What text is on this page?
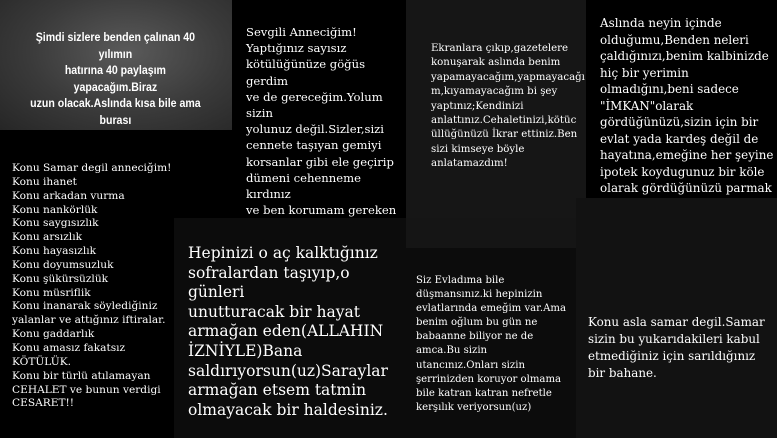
Şimdi sizlere benden çalınan 40 yılımın
hatırına 40 paylaşım yapacağım.Biraz
uzun olacak.Aslında kısa bile ama burası

Sevgili Anneciğim!
Yaptığınız sayısız
kötülüğünüze göğüs gerdim
ve de gereceğim.Yolum sizin
yolunuz değil.Sizler,sizi
cennete taşıyan gemiyi
korsanlar gibi ele geçirip
dümeni cehenneme kırdınız
ve ben korumam gereken

Ekranlara çıkıp,gazetelere
konuşarak aslında benim
yapamayacağım,yapmayacağı
m,kıyamayacağım bi şey
yaptınız;Kendinizi
anlattınız.Cehaletinizi,kötüc
üllüğünüzü İkrar ettiniz.Ben
sizi kimseye böyle
anlatamazdım!

Aslında neyin içinde
olduğumu,Benden neleri
çaldığınızı,benim kalbinizde
hiç bir yerimin
olmadığını,beni sadece
"İMKAN"olarak
gördüğünüzü,sizin için bir
evlat yada kardeş değil de
hayatına,emeğine her şeyine
ipotek koydugunuz bir köle
olarak gördüğünüzü parmak

Konu Samar degil anneciğim!
Konu ihanet
Konu arkadan vurma
Konu nankörlük
Konu saygısızlık
Konu arsızlık
Konu hayasızlık
Konu doyumsuzluk
Konu şükürsüzlük
Konu müsriflik
Konu inanarak söylediğiniz
yalanlar ve attığınız iftiralar.
Konu gaddarlık
Konu amasız fakatsız
KÖTÜLÜK.
Konu bir türlü atılamayan
CEHALET ve bunun verdigi
CESARET!!

Hepinizi o aç kalktığınız
sofralardan taşıyıp,o günleri
unutturacak bir hayat
armağan eden(ALLAHIN
İZNİYLE)Bana
saldırıyorsun(uz)Saraylar
armağan etsem tatmin
olmayacak bir haldesiniz.

Siz Evladıma bile
düşmansınız.ki hepinizin
evlatlarında emeğim var.Ama
benim oğlum bu gün ne
babaanne biliyor ne de
amca.Bu sizin
utancınız.Onları sizin
şerrinizden koruyor olmama
bile katran katran nefretle
kerşılık veriyorsun(uz)

Konu asla samar degil.Samar
sizin bu yukarıdakileri kabul
etmediğiniz için sarıldığınız
bir bahane.
